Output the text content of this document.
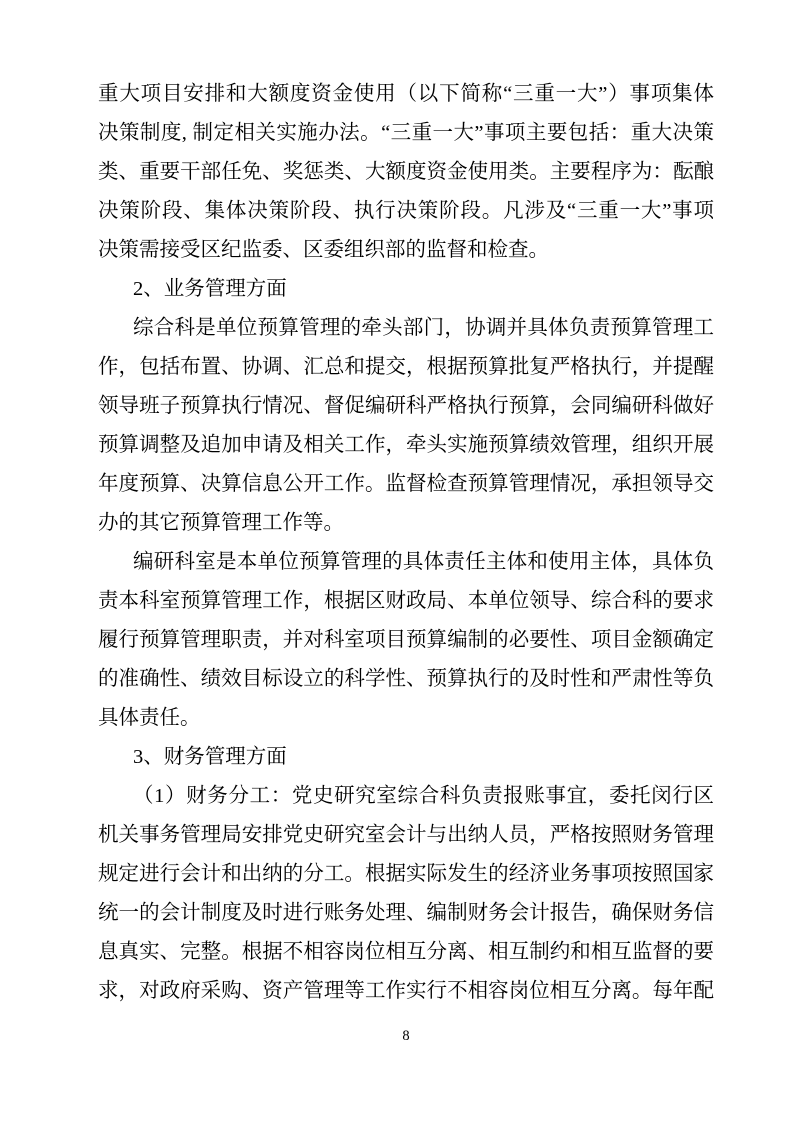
重大项目安排和大额度资金使用（以下简称“三重一大”）事项集体
决策制度, 制定相关实施办法。“三重一大”事项主要包括：重大决策
类、重要干部任免、奖惩类、大额度资金使用类。主要程序为：酝酿
决策阶段、集体决策阶段、执行决策阶段。凡涉及“三重一大”事项
决策需接受区纪监委、区委组织部的监督和检查。
2、业务管理方面
综合科是单位预算管理的牵头部门，协调并具体负责预算管理工
作，包括布置、协调、汇总和提交，根据预算批复严格执行，并提醒
领导班子预算执行情况、督促编研科严格执行预算，会同编研科做好
预算调整及追加申请及相关工作，牵头实施预算绩效管理，组织开展
年度预算、决算信息公开工作。监督检查预算管理情况，承担领导交
办的其它预算管理工作等。
编研科室是本单位预算管理的具体责任主体和使用主体，具体负
责本科室预算管理工作，根据区财政局、本单位领导、综合科的要求
履行预算管理职责，并对科室项目预算编制的必要性、项目金额确定
的准确性、绩效目标设立的科学性、预算执行的及时性和严肃性等负
具体责任。
3、财务管理方面
（1）财务分工：党史研究室综合科负责报账事宜，委托闵行区
机关事务管理局安排党史研究室会计与出纳人员，严格按照财务管理
规定进行会计和出纳的分工。根据实际发生的经济业务事项按照国家
统一的会计制度及时进行账务处理、编制财务会计报告，确保财务信
息真实、完整。根据不相容岗位相互分离、相互制约和相互监督的要
求，对政府采购、资产管理等工作实行不相容岗位相互分离。每年配
8
